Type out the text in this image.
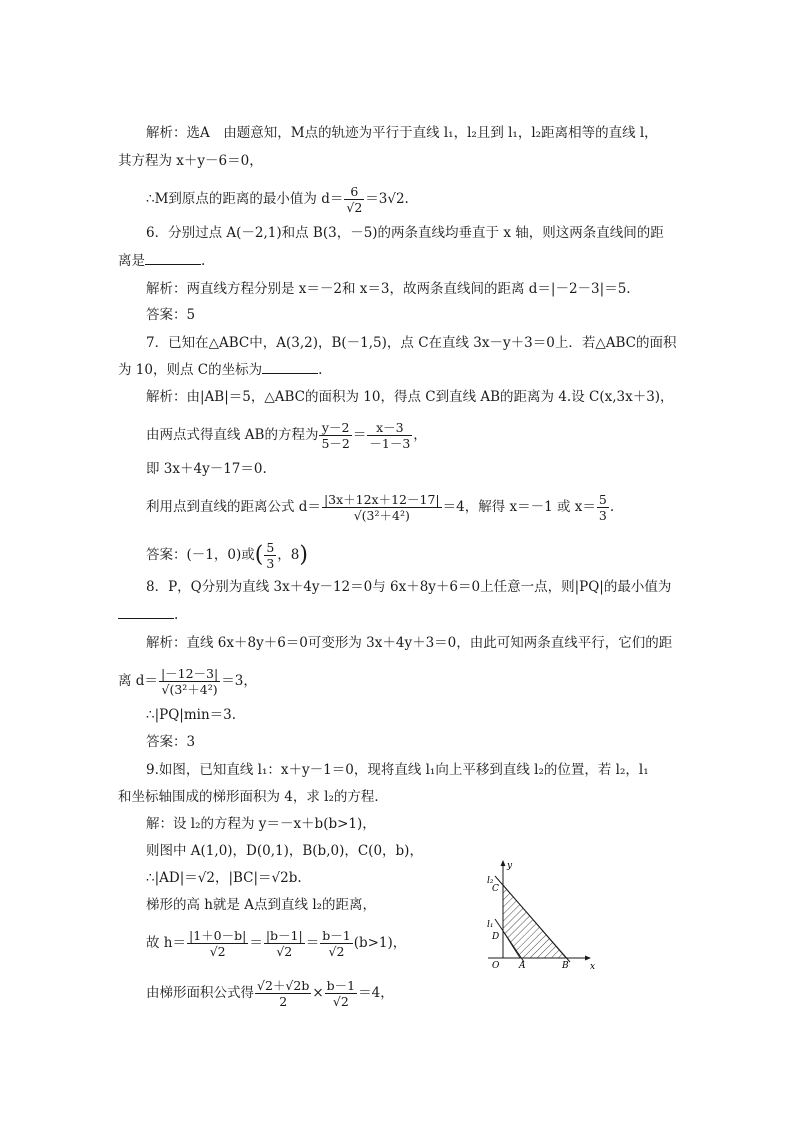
解析：选A　由题意知，M点的轨迹为平行于直线 l₁，l₂且到 l₁，l₂距离相等的直线 l，
其方程为 x＋y－6＝0，
∴M到原点的距离的最小值为 $d= \frac{6}{√2} =3√2$.
6．分别过点 A(－2,1)和点 B(3，－5)的两条直线均垂直于 x 轴，则这两条直线间的距
离是	.
解析：两直线方程分别是 x＝－2和 x＝3，故两条直线间的距离 d＝|－2－3|＝5.
答案：5
7．已知在△ABC中，A(3,2)，B(－1,5)，点 C在直线 3x－y＋3＝0上．若△ABC的面积
为 10，则点 C的坐标为	.
解析：由|AB|＝5，△ABC的面积为 10，得点 C到直线 AB的距离为 4.设 C(x,3x＋3)，
由两点式得直线 AB的方程为 $\frac{y-2}{5-2} = \frac{x-3}{-1-3}$ ，
即 3x＋4y－17＝0.
利用点到直线的距离公式 $d= \frac{|3x+12x+12-17|}{\text{√(3²＋4²)}} =4$，解得 x＝－1 或 $x= \frac{5}{3}$ .
答案：(－1，0)或( $\frac{5}{3}$ ，8)
8．P，Q分别为直线 3x＋4y－12＝0与 6x＋8y＋6＝0上任意一点，则|PQ|的最小值为
.
解析：直线 6x＋8y＋6＝0可变形为 3x＋4y＋3＝0，由此可知两条直线平行，它们的距
离 $d= \frac{|-12-3|}{\text{√(3²＋4²)}} =3$，
∴|PQ|min＝3.
答案：3
9.如图，已知直线 l₁：x＋y－1＝0，现将直线 l₁向上平移到直线 l₂的位置，若 l₂，l₁
和坐标轴围成的梯形面积为 4，求 l₂的方程．
解：设 l₂的方程为 y＝－x＋b(b>1)，
则图中 A(1,0)，D(0,1)，B(b,0)，C(0，b)，
∴|AD|＝√2，|BC|＝√2b.
梯形的高 h就是 A点到直线 l₂的距离，
故 $h= \frac{|1+0-b|}{√2} = \frac{|b-1|}{√2} = \frac{b-1}{√2} (b>1)$，
由梯形面积公式得 $\frac{√2+√2b}{2} \times \frac{b-1}{√2} =4$，
y
x
l₂
l₁
C
D
O A	B
